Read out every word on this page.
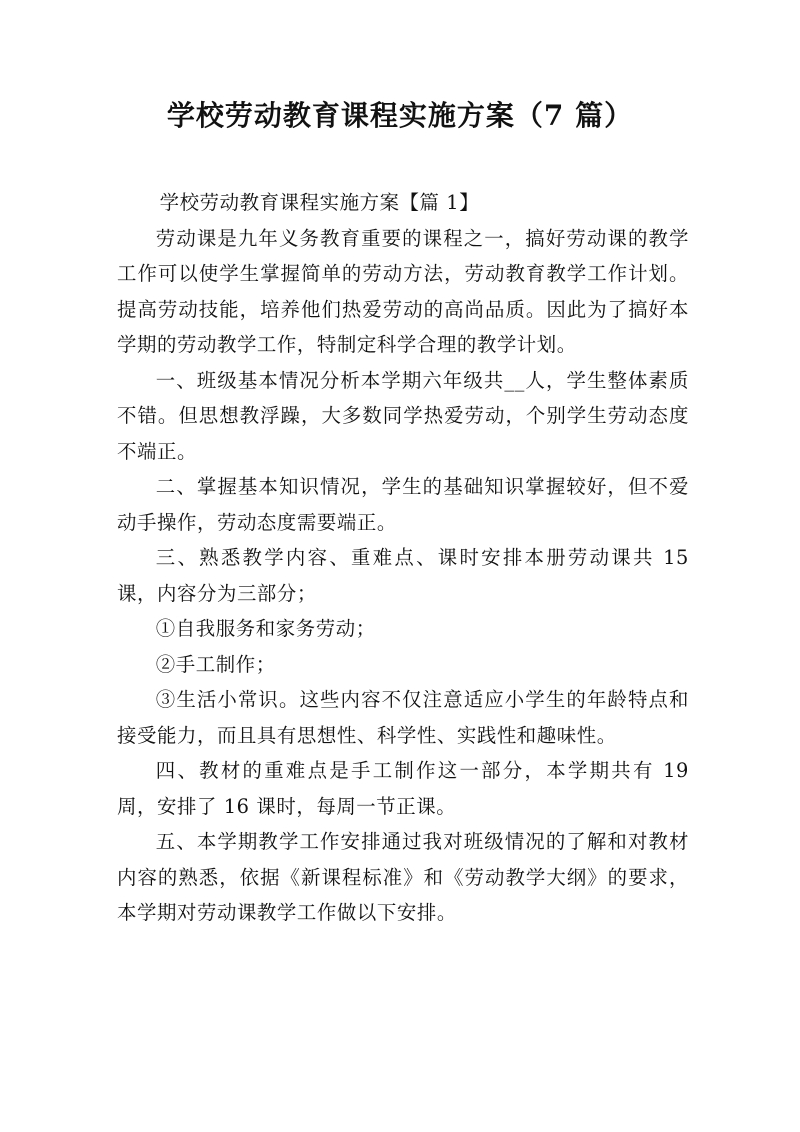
学校劳动教育课程实施方案（7 篇）

学校劳动教育课程实施方案【篇 1】

劳动课是九年义务教育重要的课程之一，搞好劳动课的教学工作可以使学生掌握简单的劳动方法，劳动教育教学工作计划。提高劳动技能，培养他们热爱劳动的高尚品质。因此为了搞好本学期的劳动教学工作，特制定科学合理的教学计划。

一、班级基本情况分析本学期六年级共__人，学生整体素质不错。但思想教浮躁，大多数同学热爱劳动，个别学生劳动态度不端正。

二、掌握基本知识情况，学生的基础知识掌握较好，但不爱动手操作，劳动态度需要端正。

三、熟悉教学内容、重难点、课时安排本册劳动课共 15 课，内容分为三部分；

①自我服务和家务劳动；

②手工制作；

③生活小常识。这些内容不仅注意适应小学生的年龄特点和接受能力，而且具有思想性、科学性、实践性和趣味性。

四、教材的重难点是手工制作这一部分，本学期共有 19 周，安排了 16 课时，每周一节正课。

五、本学期教学工作安排通过我对班级情况的了解和对教材内容的熟悉，依据《新课程标准》和《劳动教学大纲》的要求，本学期对劳动课教学工作做以下安排。
